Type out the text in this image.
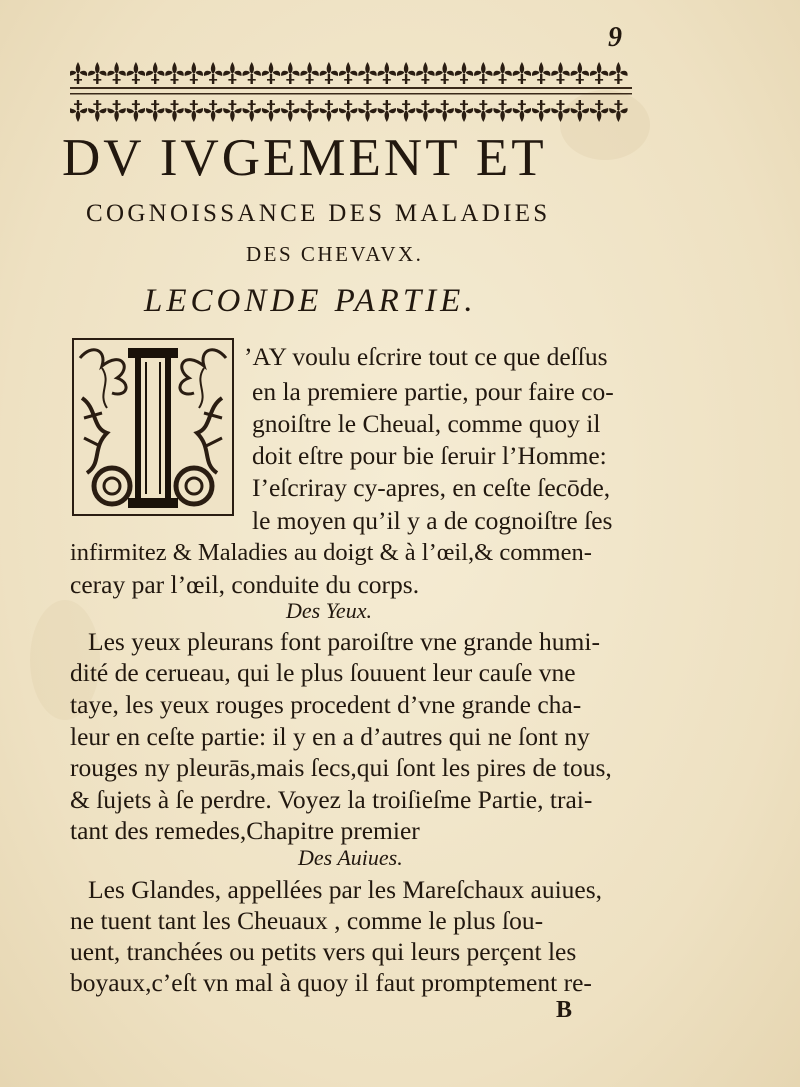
9
DV IVGEMENT ET
COGNOISSANCE DES MALADIES
DES CHEVAVX.
LECONDE PARTIE.
’AY voulu eſcrire tout ce que deſſus
en la premiere partie, pour faire co-
gnoiſtre le Cheual, comme quoy il
doit eſtre pour bie ſeruir l’Homme:
I’eſcriray cy-apres, en ceſte ſecōde,
le moyen qu’il y a de cognoiſtre ſes
infirmitez & Maladies au doigt & à l’œil,& commen-
ceray par l’œil, conduite du corps.
Des Yeux.
Les yeux pleurans font paroiſtre vne grande humi-
dité de cerueau, qui le plus ſouuent leur cauſe vne
taye, les yeux rouges procedent d’vne grande cha-
leur en ceſte partie: il y en a d’autres qui ne ſont ny
rouges ny pleurās,mais ſecs,qui ſont les pires de tous,
& ſujets à ſe perdre. Voyez la troiſieſme Partie, trai-
tant des remedes,Chapitre premier
Des Auiues.
Les Glandes, appellées par les Mareſchaux auiues,
ne tuent tant les Cheuaux , comme le plus ſou-
uent, tranchées ou petits vers qui leurs perçent les
boyaux,c’eſt vn mal à quoy il faut promptement re-
B
